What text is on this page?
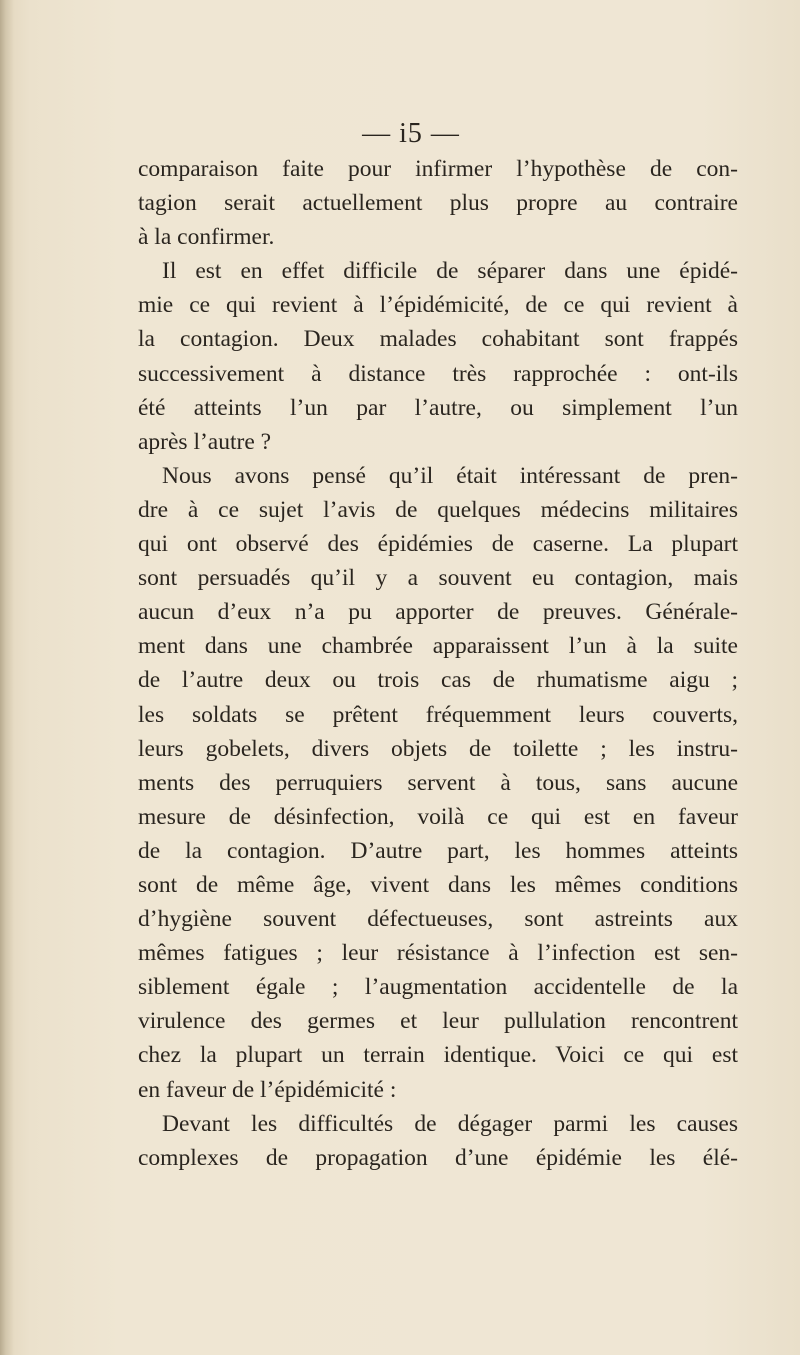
— i5 —
comparaison faite pour infirmer l’hypothèse de con-
tagion serait actuellement plus propre au contraire
à la confirmer.
Il est en effet difficile de séparer dans une épidé-
mie ce qui revient à l’épidémicité, de ce qui revient à
la contagion. Deux malades cohabitant sont frappés
successivement à distance très rapprochée : ont-ils
été atteints l’un par l’autre, ou simplement l’un
après l’autre ?
Nous avons pensé qu’il était intéressant de pren-
dre à ce sujet l’avis de quelques médecins militaires
qui ont observé des épidémies de caserne. La plupart
sont persuadés qu’il y a souvent eu contagion, mais
aucun d’eux n’a pu apporter de preuves. Générale-
ment dans une chambrée apparaissent l’un à la suite
de l’autre deux ou trois cas de rhumatisme aigu ;
les soldats se prêtent fréquemment leurs couverts,
leurs gobelets, divers objets de toilette ; les instru-
ments des perruquiers servent à tous, sans aucune
mesure de désinfection, voilà ce qui est en faveur
de la contagion. D’autre part, les hommes atteints
sont de même âge, vivent dans les mêmes conditions
d’hygiène souvent défectueuses, sont astreints aux
mêmes fatigues ; leur résistance à l’infection est sen-
siblement égale ; l’augmentation accidentelle de la
virulence des germes et leur pullulation rencontrent
chez la plupart un terrain identique. Voici ce qui est
en faveur de l’épidémicité :
Devant les difficultés de dégager parmi les causes
complexes de propagation d’une épidémie les élé-
